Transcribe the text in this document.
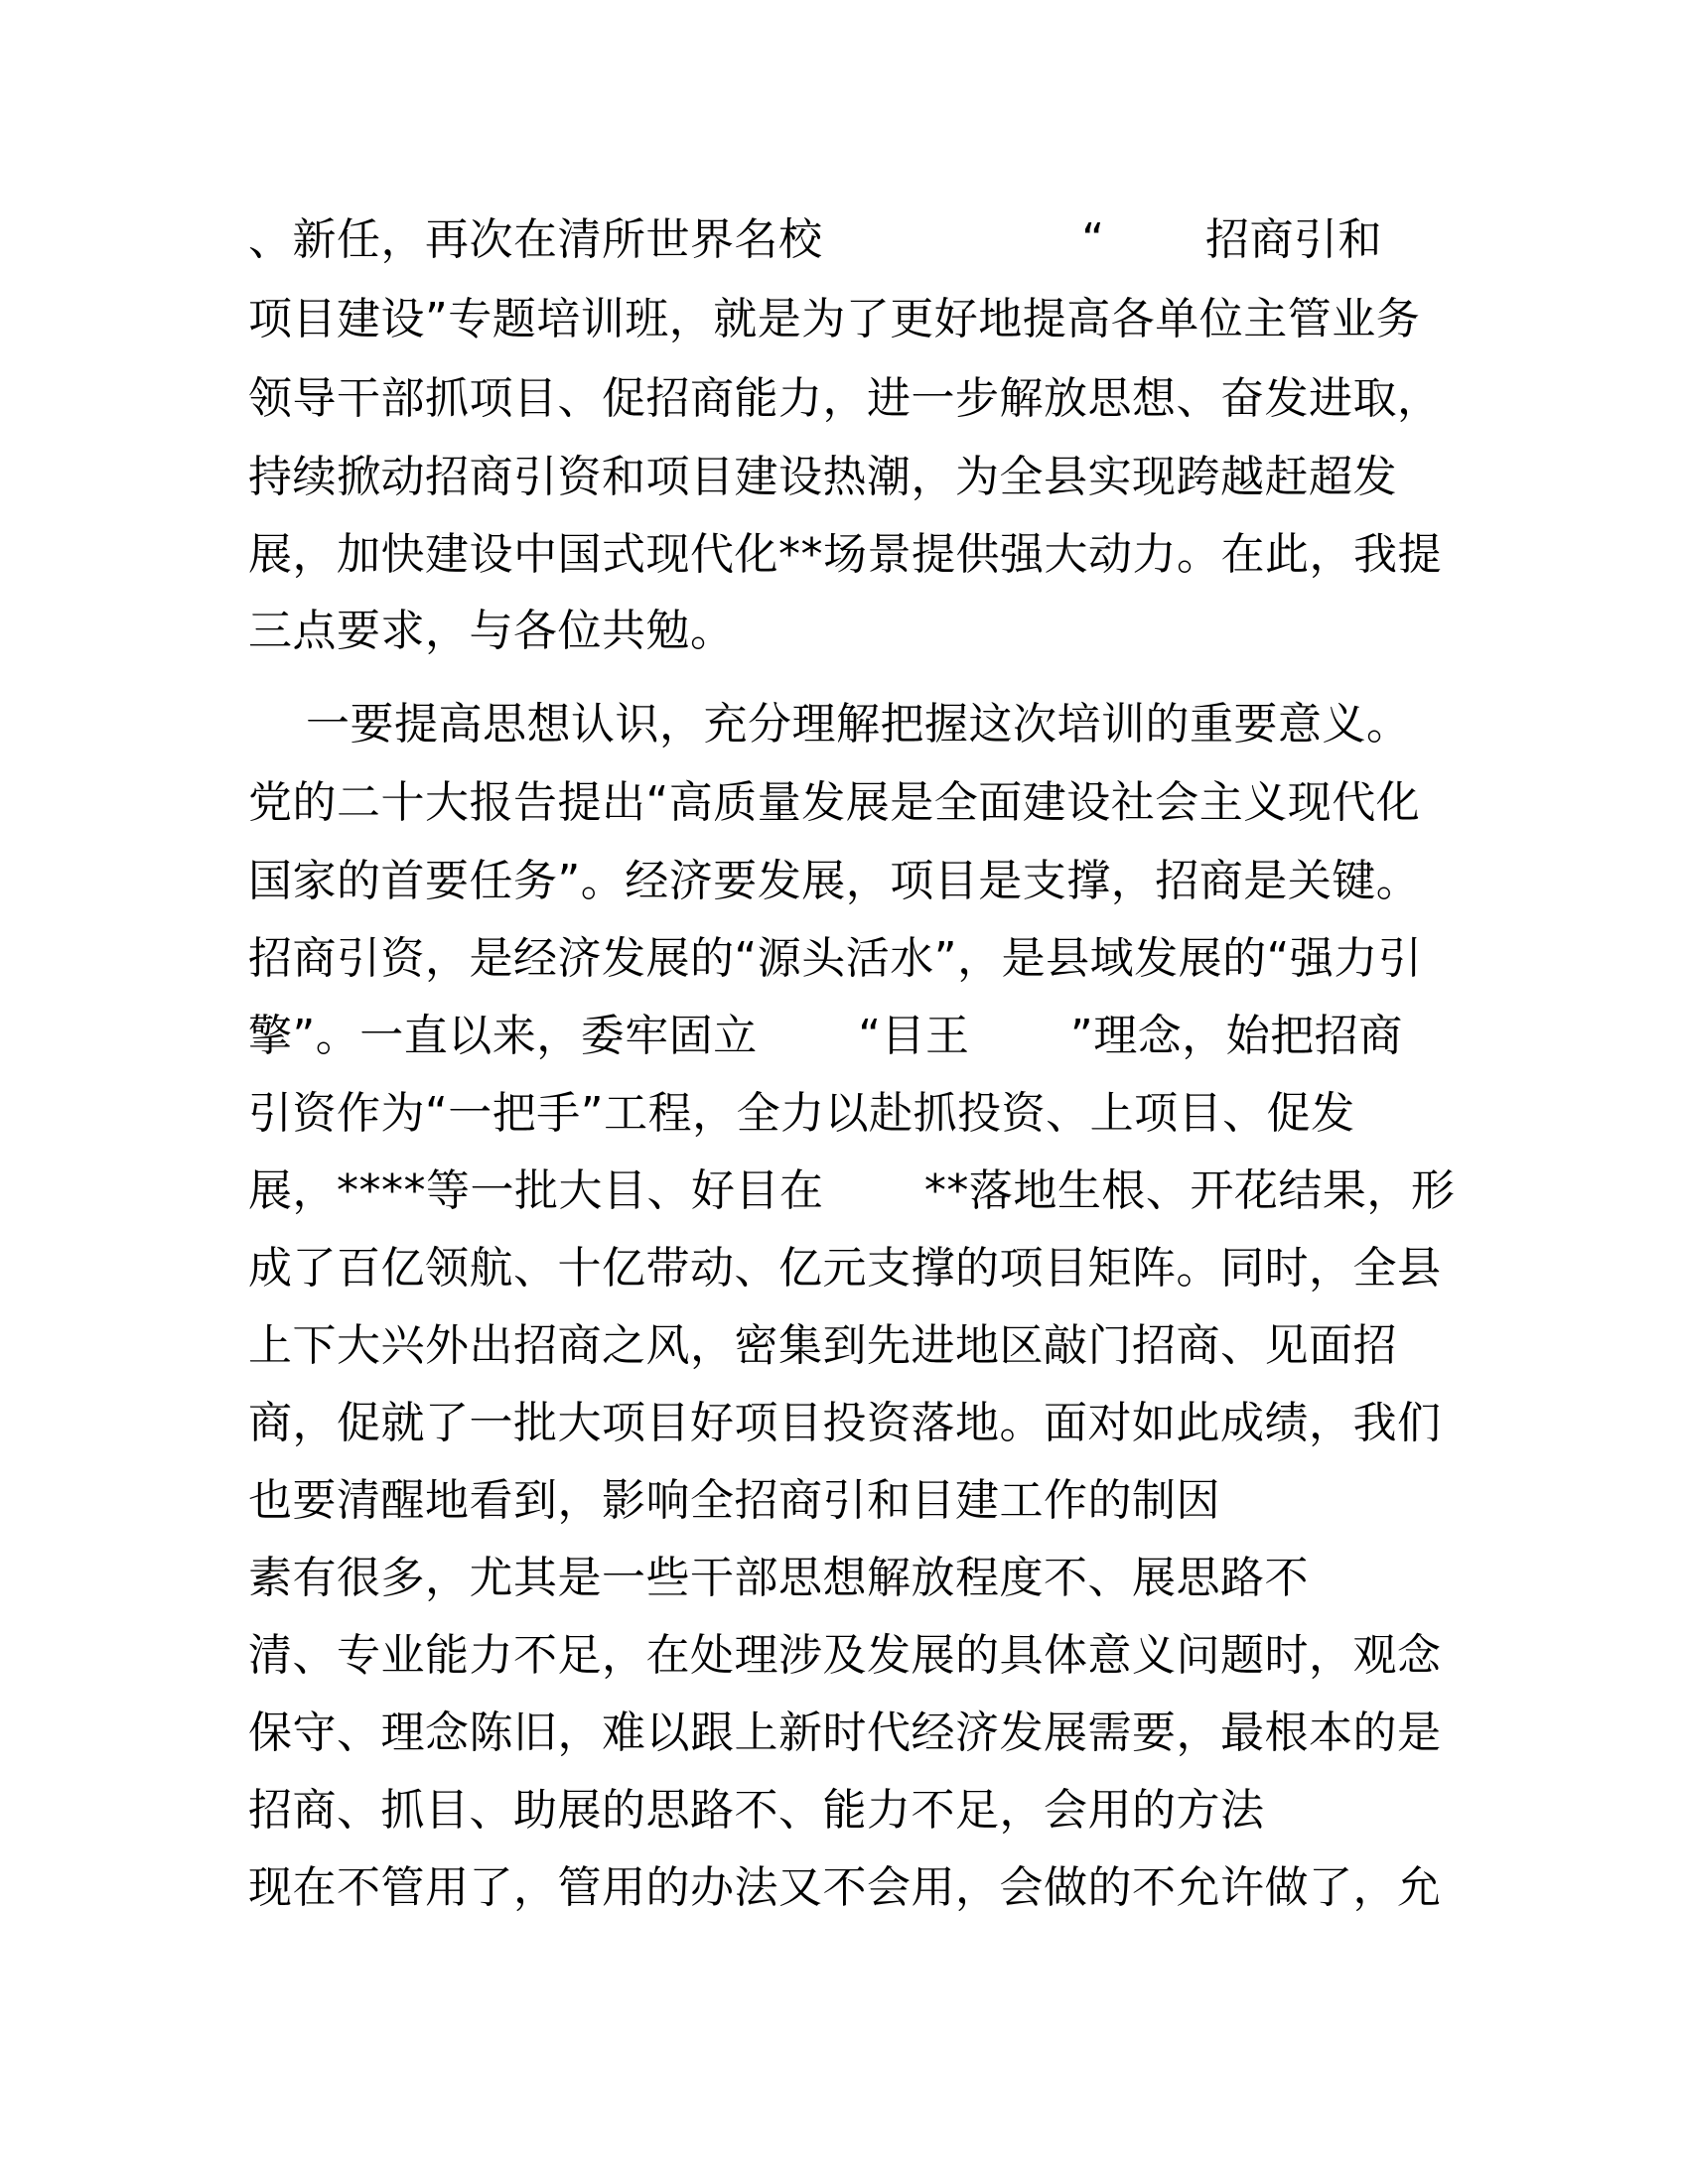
、新任，再次在清所世界名校                  “       招商引和
项目建设”专题培训班，就是为了更好地提高各单位主管业务
领导干部抓项目、促招商能力，进一步解放思想、奋发进取，
持续掀动招商引资和项目建设热潮，为全县实现跨越赶超发
展，加快建设中国式现代化**场景提供强大动力。在此，我提
三点要求，与各位共勉。
一要提高思想认识，充分理解把握这次培训的重要意义。
党的二十大报告提出“高质量发展是全面建设社会主义现代化
国家的首要任务”。经济要发展，项目是支撑，招商是关键。
招商引资，是经济发展的“源头活水”，是县域发展的“强力引
擎”。一直以来，委牢固立       “目王       ”理念，始把招商
引资作为“一把手”工程，全力以赴抓投资、上项目、促发
展，****等一批大目、好目在       **落地生根、开花结果，形
成了百亿领航、十亿带动、亿元支撑的项目矩阵。同时，全县
上下大兴外出招商之风，密集到先进地区敲门招商、见面招
商，促就了一批大项目好项目投资落地。面对如此成绩，我们
也要清醒地看到，影响全招商引和目建工作的制因
素有很多，尤其是一些干部思想解放程度不、展思路不
清、专业能力不足，在处理涉及发展的具体意义问题时，观念
保守、理念陈旧，难以跟上新时代经济发展需要，最根本的是
招商、抓目、助展的思路不、能力不足，会用的方法
现在不管用了，管用的办法又不会用，会做的不允许做了，允
